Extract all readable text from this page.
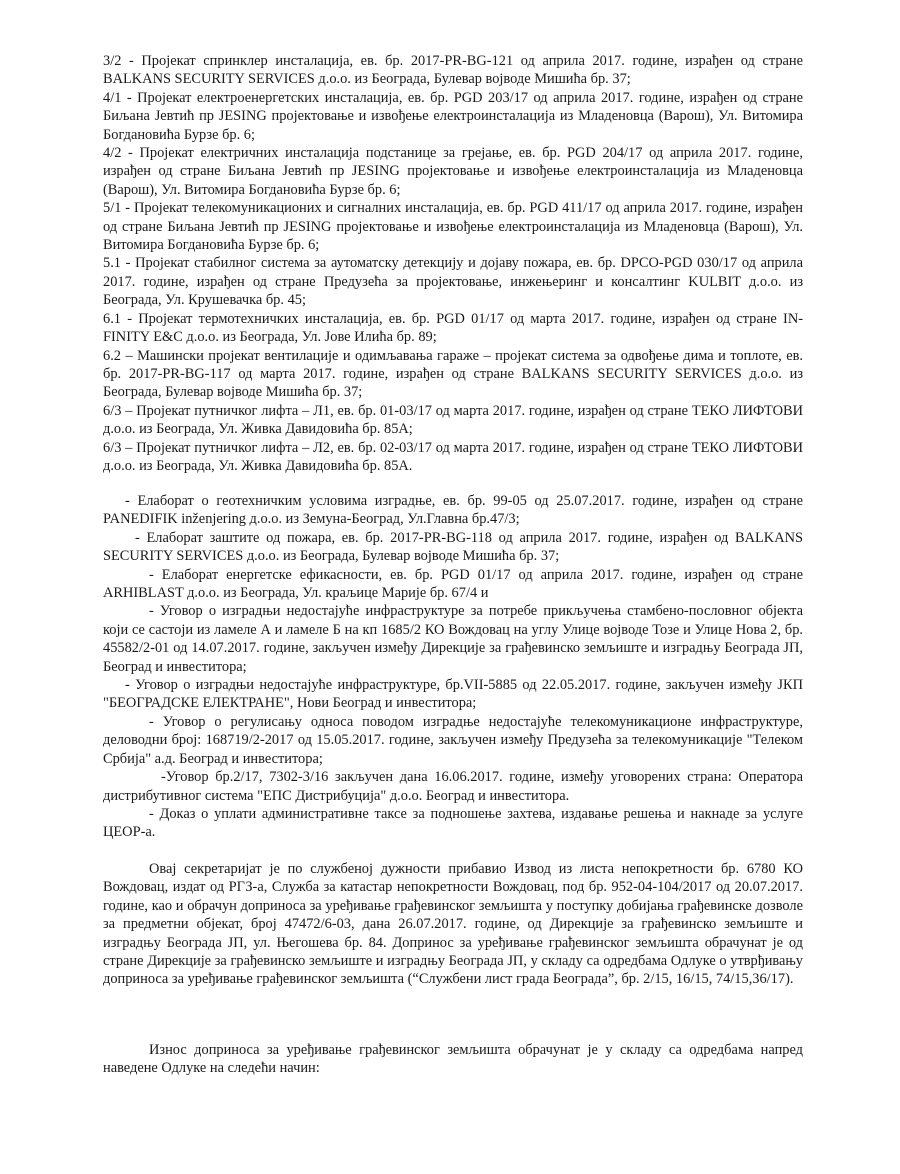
3/2 - Пројекат спринклер инсталација, ев. бр. 2017-PR-BG-121 од априла 2017. године, израђен од стране BALKANS SECURITY SERVICES д.о.о. из Београда, Булевар војводе Мишића бр. 37;

4/1 - Пројекат електроенергетских инсталација, ев. бр. PGD 203/17 од априла 2017. године, израђен од стране Биљана Јевтић пр JESING пројектовање и извођење електроинсталација из Младеновца (Варош), Ул. Витомира Богдановића Бурзе бр. 6;

4/2 - Пројекат електричних инсталација подстанице за грејање, ев. бр. PGD 204/17 од априла 2017. године, израђен од стране Биљана Јевтић пр JESING пројектовање и извођење електроинсталација из Младеновца (Варош), Ул. Витомира Богдановића Бурзе бр. 6;

5/1 - Пројекат телекомуникационих и сигналних инсталација, ев. бр. PGD 411/17 од априла 2017. године, израђен од стране Биљана Јевтић пр JESING пројектовање и извођење електроинсталација из Младеновца (Варош), Ул. Витомира Богдановића Бурзе бр. 6;

5.1 - Пројекат стабилног система за аутоматску детекцију и дојаву пожара, ев. бр. DPCO-PGD 030/17 од априла 2017. године, израђен од стране Предузећа за пројектовање, инжењеринг и консалтинг KULBIT д.о.о. из Београда, Ул. Крушевачка бр. 45;

6.1 - Пројекат термотехничких инсталација, ев. бр. PGD 01/17 од марта 2017. године, израђен од стране IN-FINITY E&C д.о.о. из Београда, Ул. Јове Илића бр. 89;

6.2 – Машински пројекат вентилације и одимљавања гараже – пројекат система за одвођење дима и топлоте, ев. бр. 2017-PR-BG-117 од марта 2017. године, израђен од стране BALKANS SECURITY SERVICES д.о.о. из Београда, Булевар војводе Мишића бр. 37;

6/3 – Пројекат путничког лифта – Л1, ев. бр. 01-03/17 од марта 2017. године, израђен од стране ТЕКО ЛИФТОВИ д.о.о. из Београда, Ул. Живка Давидовића бр. 85А;

6/3 – Пројекат путничког лифта – Л2, ев. бр. 02-03/17 од марта 2017. године, израђен од стране ТЕКО ЛИФТОВИ д.о.о. из Београда, Ул. Живка Давидовића бр. 85А.

- Елаборат о геотехничким условима изградње, ев. бр. 99-05 од 25.07.2017. године, израђен од стране PANEDIFIK inženjering д.о.о. из Земуна-Београд, Ул.Главна бр.47/3;

- Елаборат заштите од пожара, ев. бр. 2017-PR-BG-118 од априла 2017. године, израђен од BALKANS SECURITY SERVICES д.о.о. из Београда, Булевар војводе Мишића бр. 37;

- Елаборат енергетске ефикасности, ев. бр. PGD 01/17 од априла 2017. године, израђен од стране ARHIBLAST д.о.о. из Београда, Ул. краљице Марије бр. 67/4 и

- Уговор о изградњи недостајуће инфраструктуре за потребе прикључења стамбено-пословног објекта који се састоји из ламеле А и ламеле Б на кп 1685/2 КО Вождовац на углу Улице војводе Тозе и Улице Нова 2, бр. 45582/2-01 од 14.07.2017. године, закључен између Дирекције за грађевинско земљиште и изградњу Београда ЈП, Београд и инвеститора;

- Уговор о изградњи недостајуће инфраструктуре, бр.VII-5885 од 22.05.2017. године, закључен између ЈКП "БЕОГРАДСКЕ ЕЛЕКТРАНЕ", Нови Београд и инвеститора;

- Уговор о регулисању односа поводом изградње недостајуће телекомуникационе инфраструктуре, деловодни број: 168719/2-2017 од 15.05.2017. године, закључен између Предузећа за телекомуникације "Телеком Србија" а.д. Београд и инвеститора;

-Уговор бр.2/17, 7302-3/16 закључен дана 16.06.2017. године, између уговорених страна: Оператора дистрибутивног система "ЕПС Дистрибуција" д.о.о. Београд и инвеститора.

- Доказ о уплати административне таксе за подношење захтева, издавање решења и накнаде за услуге ЦЕОР-а.

Овај секретаријат је по службеној дужности прибавио Извод из листа непокретности бр. 6780 КО Вождовац, издат од РГЗ-а, Служба за катастар непокретности Вождовац, под бр. 952-04-104/2017 од 20.07.2017. године, као и обрачун доприноса за уређивање грађевинског земљишта у поступку добијања грађевинске дозволе за предметни објекат, број 47472/6-03, дана 26.07.2017. године, од Дирекције за грађевинско земљиште и изградњу Београда ЈП, ул. Његошева бр. 84. Допринос за уређивање грађевинског земљишта обрачунат је од стране Дирекције за грађевинско земљиште и изградњу Београда ЈП, у складу са одредбама Одлуке о утврђивању доприноса за уређивање грађевинског земљишта (“Службени лист града Београда”, бр. 2/15, 16/15, 74/15,36/17).

Износ доприноса за уређивање грађевинског земљишта обрачунат је у складу са одредбама напред наведене Одлуке на следећи начин:
